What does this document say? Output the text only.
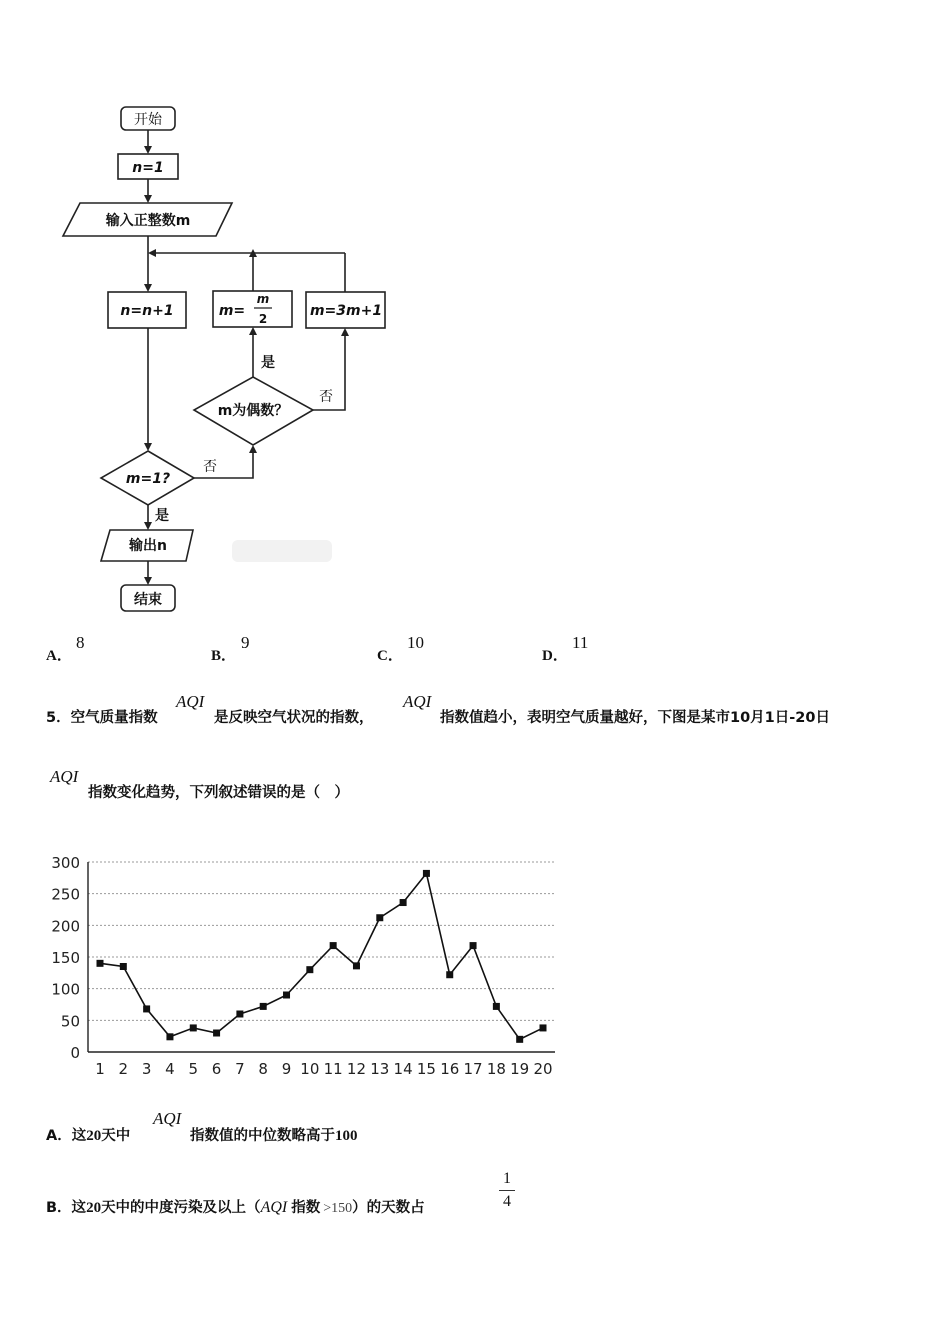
开始
n=1
输入正整数m
n=n+1	m=
m
2	m=3m+1
m为偶数？
m=1?
是
否
否
是
输出n
结束
A．
8
B．
9
C．
10
D．
11
5．空气质量指数
AQI
是反映空气状况的指数，
AQI
指数值趋小，表明空气质量越好，下图是某市10月1日-20日
AQI
指数变化趋势，下列叙述错误的是（　）
0
50
100
150
200
250
300
1 2 3 4 5 6 7 8 9 10 11 12 13 14 15 16 17 18 19 20
A．这20天中
AQI
指数值的中位数略高于100
B．这20天中的中度污染及以上（AQI 指数 >150）的天数占
1
4
